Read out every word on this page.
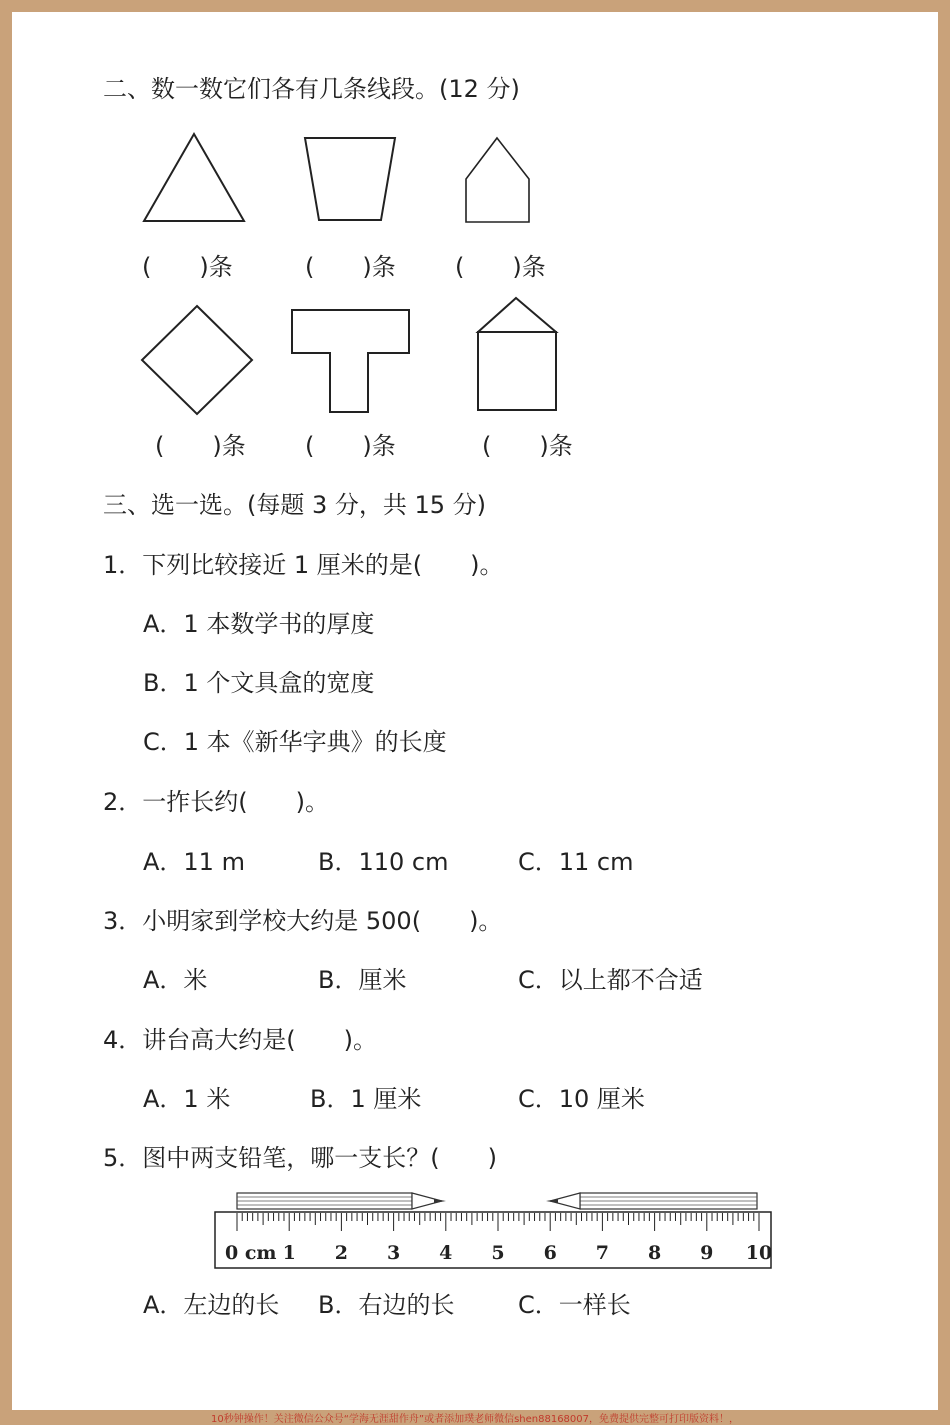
二、数一数它们各有几条线段。(12 分)
(　　)条	(　　)条 (　　)条
(　　)条 (　　)条	(　　)条
三、选一选。(每题 3 分，共 15 分)
1．下列比较接近 1 厘米的是(　　)。
A．1 本数学书的厚度
B．1 个文具盒的宽度
C．1 本《新华字典》的长度
2．一拃长约(　　)。
A．11 m	B．110 cm	C．11 cm
3．小明家到学校大约是 500(　　)。
A．米	B．厘米	C．以上都不合适
4．讲台高大约是(　　)。
A．1 米	B．1 厘米	C．10 厘米
5．图中两支铅笔，哪一支长？(　　)
0 cm 1 2 3 4 5 6 7 8 9 10
A．左边的长 B．右边的长	C．一样长
10秒钟操作！关注微信公众号“学海无涯甜作舟”或者添加璞老师微信shen88168007，免费提供完整可打印版资料！，
